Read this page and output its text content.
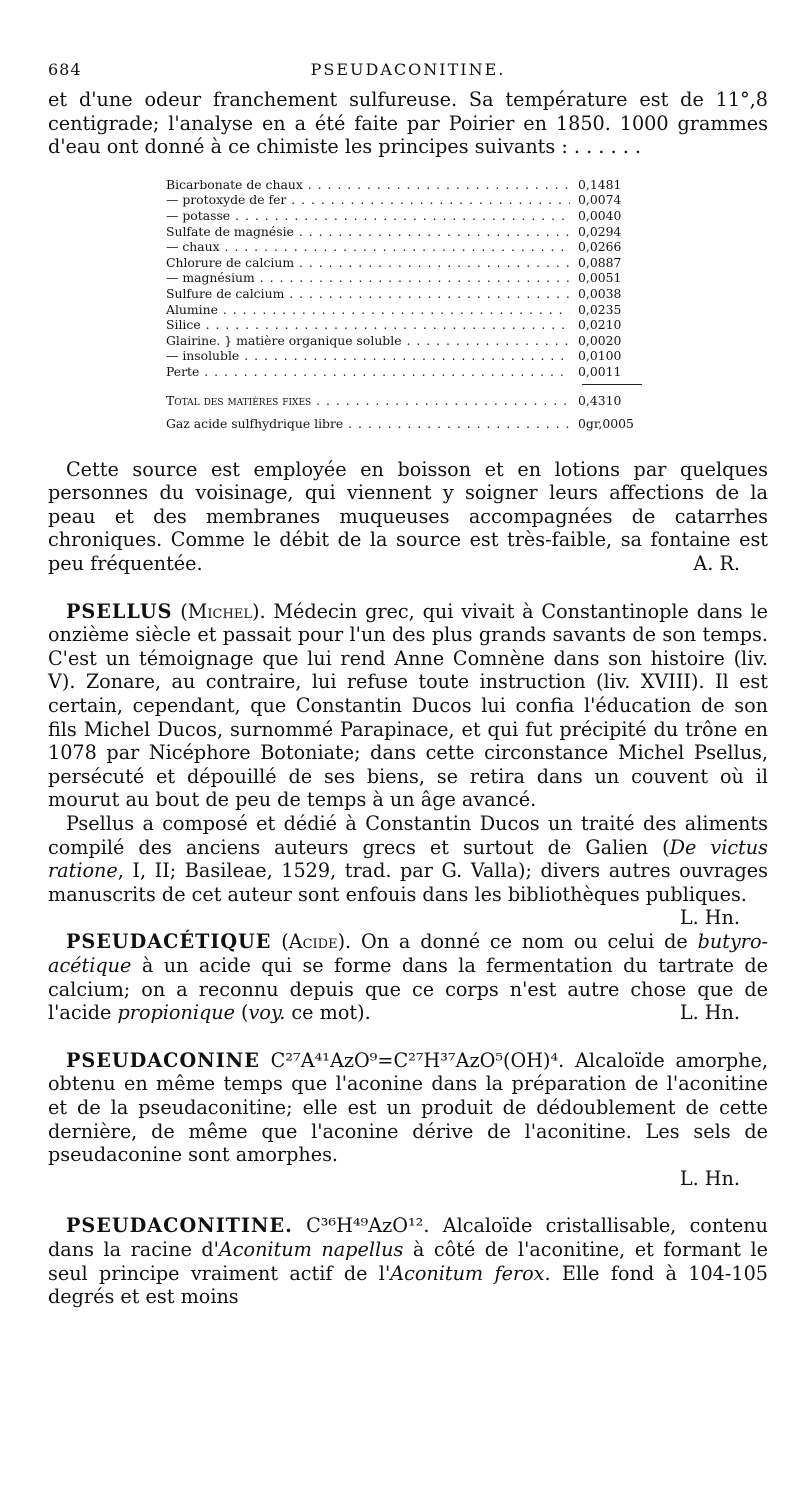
684	PSEUDACONITINE.

et d'une odeur franchement sulfureuse. Sa température est de 11°,8 centigrade; l'analyse en a été faite par Poirier en 1850. 1000 grammes d'eau ont donné à ce chimiste les principes suivants : . . . . . .

Bicarbonate de chaux . . .	0,1481
— protoxyde de fer . . .	0,0074
— potasse . . .	0,0040
Sulfate de magnésie . . .	0,0294
— chaux . . .	0,0266
Chlorure de calcium . . .	0,0887
— magnésium . . .	0,0051
Sulfure de calcium . . .	0,0038
Alumine . . .	0,0235
Silice . . .	0,0210
Glairine. } matière organique soluble . . .	0,0020
— insoluble . . .	0,0100
Perte . . .	0,0011
Total des matières fixes . . .	0,4310
Gaz acide sulfhydrique libre . . .	0gr,0005

Cette source est employée en boisson et en lotions par quelques personnes du voisinage, qui viennent y soigner leurs affections de la peau et des membranes muqueuses accompagnées de catarrhes chroniques. Comme le débit de la source est très-faible, sa fontaine est peu fréquentée.	A. R.

PSELLUS (Michel). Médecin grec, qui vivait à Constantinople dans le onzième siècle et passait pour l'un des plus grands savants de son temps. C'est un témoignage que lui rend Anne Comnène dans son histoire (liv. V). Zonare, au contraire, lui refuse toute instruction (liv. XVIII). Il est certain, cependant, que Constantin Ducos lui confia l'éducation de son fils Michel Ducos, surnommé Parapinace, et qui fut précipité du trône en 1078 par Nicéphore Botoniate; dans cette circonstance Michel Psellus, persécuté et dépouillé de ses biens, se retira dans un couvent où il mourut au bout de peu de temps à un âge avancé.

Psellus a composé et dédié à Constantin Ducos un traité des aliments compilé des anciens auteurs grecs et surtout de Galien (De victus ratione, I, II; Basileae, 1529, trad. par G. Valla); divers autres ouvrages manuscrits de cet auteur sont enfouis dans les bibliothèques publiques.
L. Hn.

PSEUDACÉTIQUE (Acide). On a donné ce nom ou celui de butyro-acétique à un acide qui se forme dans la fermentation du tartrate de calcium; on a reconnu depuis que ce corps n'est autre chose que de l'acide propionique (voy. ce mot).	L. Hn.

PSEUDACONINE C²⁷A⁴¹AzO⁹=C²⁷H³⁷AzO⁵(OH)⁴. Alcaloïde amorphe, obtenu en même temps que l'aconine dans la préparation de l'aconitine et de la pseudaconitine; elle est un produit de dédoublement de cette dernière, de même que l'aconine dérive de l'aconitine. Les sels de pseudaconine sont amorphes.

L. Hn.

PSEUDACONITINE. C³⁶H⁴⁹AzO¹². Alcaloïde cristallisable, contenu dans la racine d'Aconitum napellus à côté de l'aconitine, et formant le seul principe vraiment actif de l'Aconitum ferox. Elle fond à 104-105 degrés et est moins
